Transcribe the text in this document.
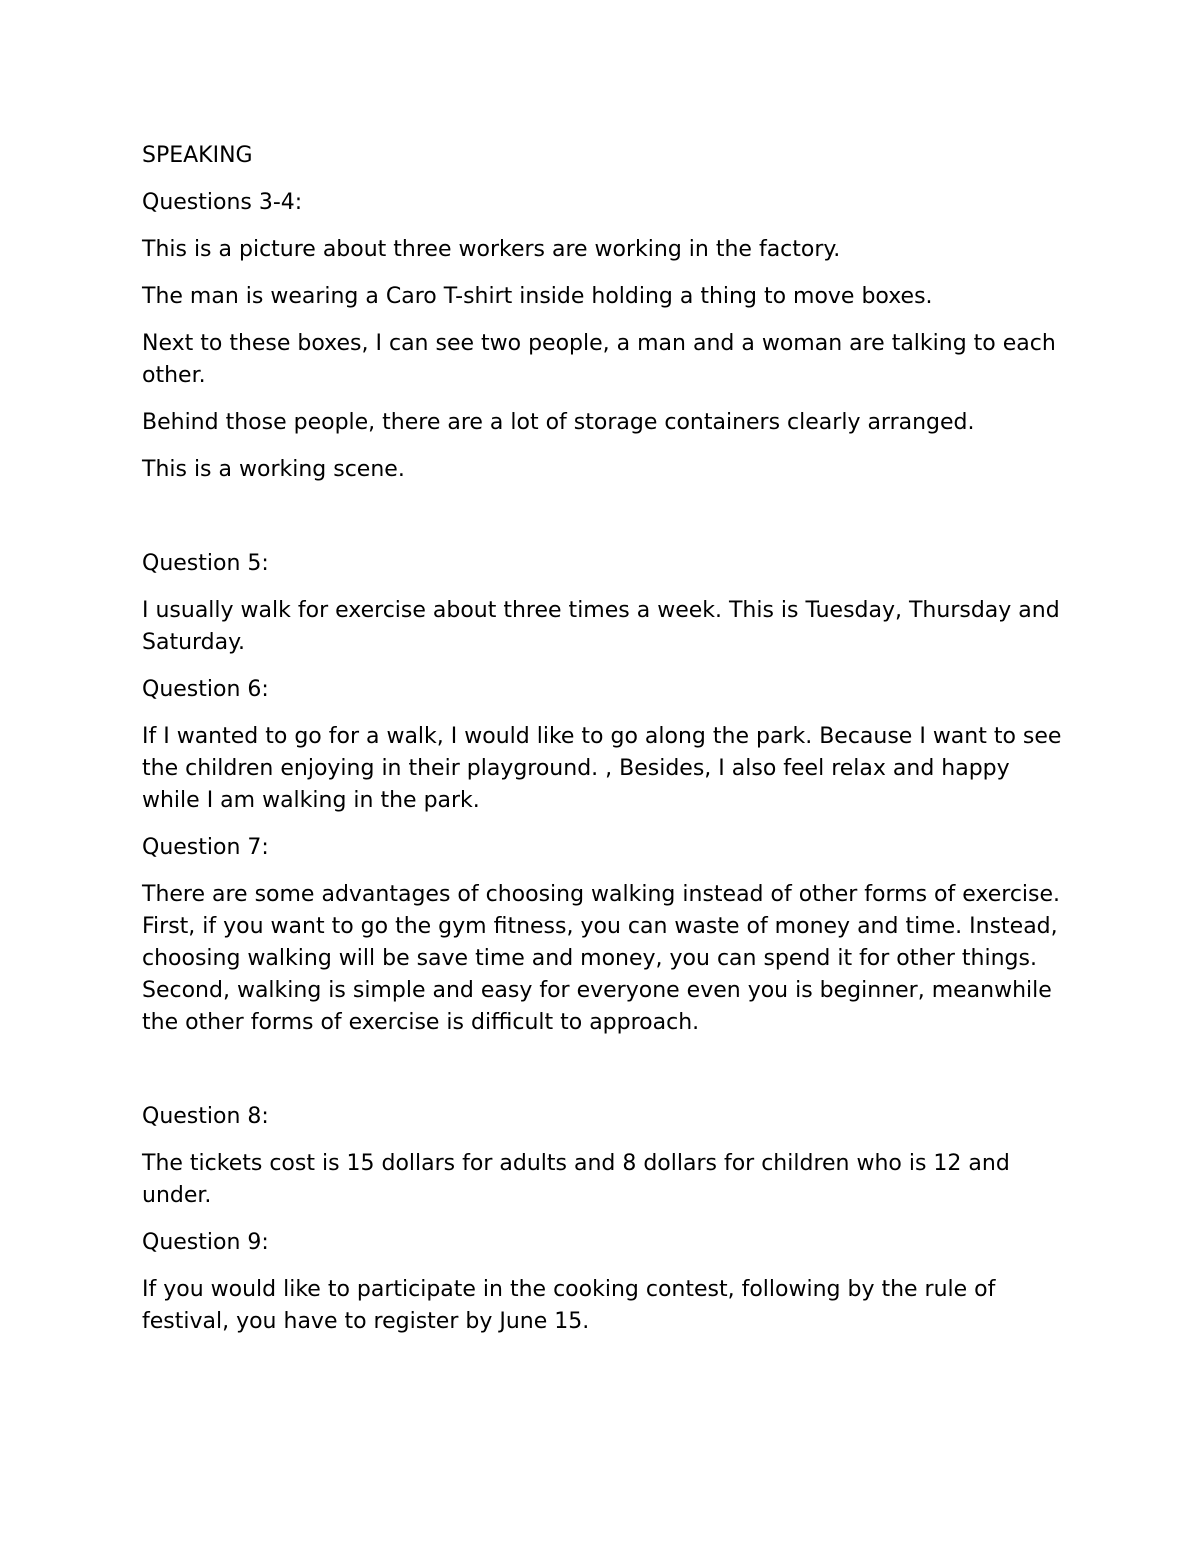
SPEAKING

Questions 3-4:

This is a picture about three workers are working in the factory.

The man is wearing a Caro T-shirt inside holding a thing to move boxes.

Next to these boxes, I can see two people, a man and a woman are talking to each other.

Behind those people, there are a lot of storage containers clearly arranged.

This is a working scene.

Question 5:

I usually walk for exercise about three times a week. This is Tuesday, Thursday and Saturday.

Question 6:

If I wanted to go for a walk, I would like to go along the park. Because I want to see the children enjoying in their playground. , Besides, I also feel relax and happy while I am walking in the park.

Question 7:

There are some advantages of choosing walking instead of other forms of exercise. First, if you want to go the gym fitness, you can waste of money and time. Instead, choosing walking will be save time and money, you can spend it for other things. Second, walking is simple and easy for everyone even you is beginner, meanwhile the other forms of exercise is difficult to approach.

Question 8:

The tickets cost is 15 dollars for adults and 8 dollars for children who is 12 and under.

Question 9:

If you would like to participate in the cooking contest, following by the rule of festival, you have to register by June 15.
